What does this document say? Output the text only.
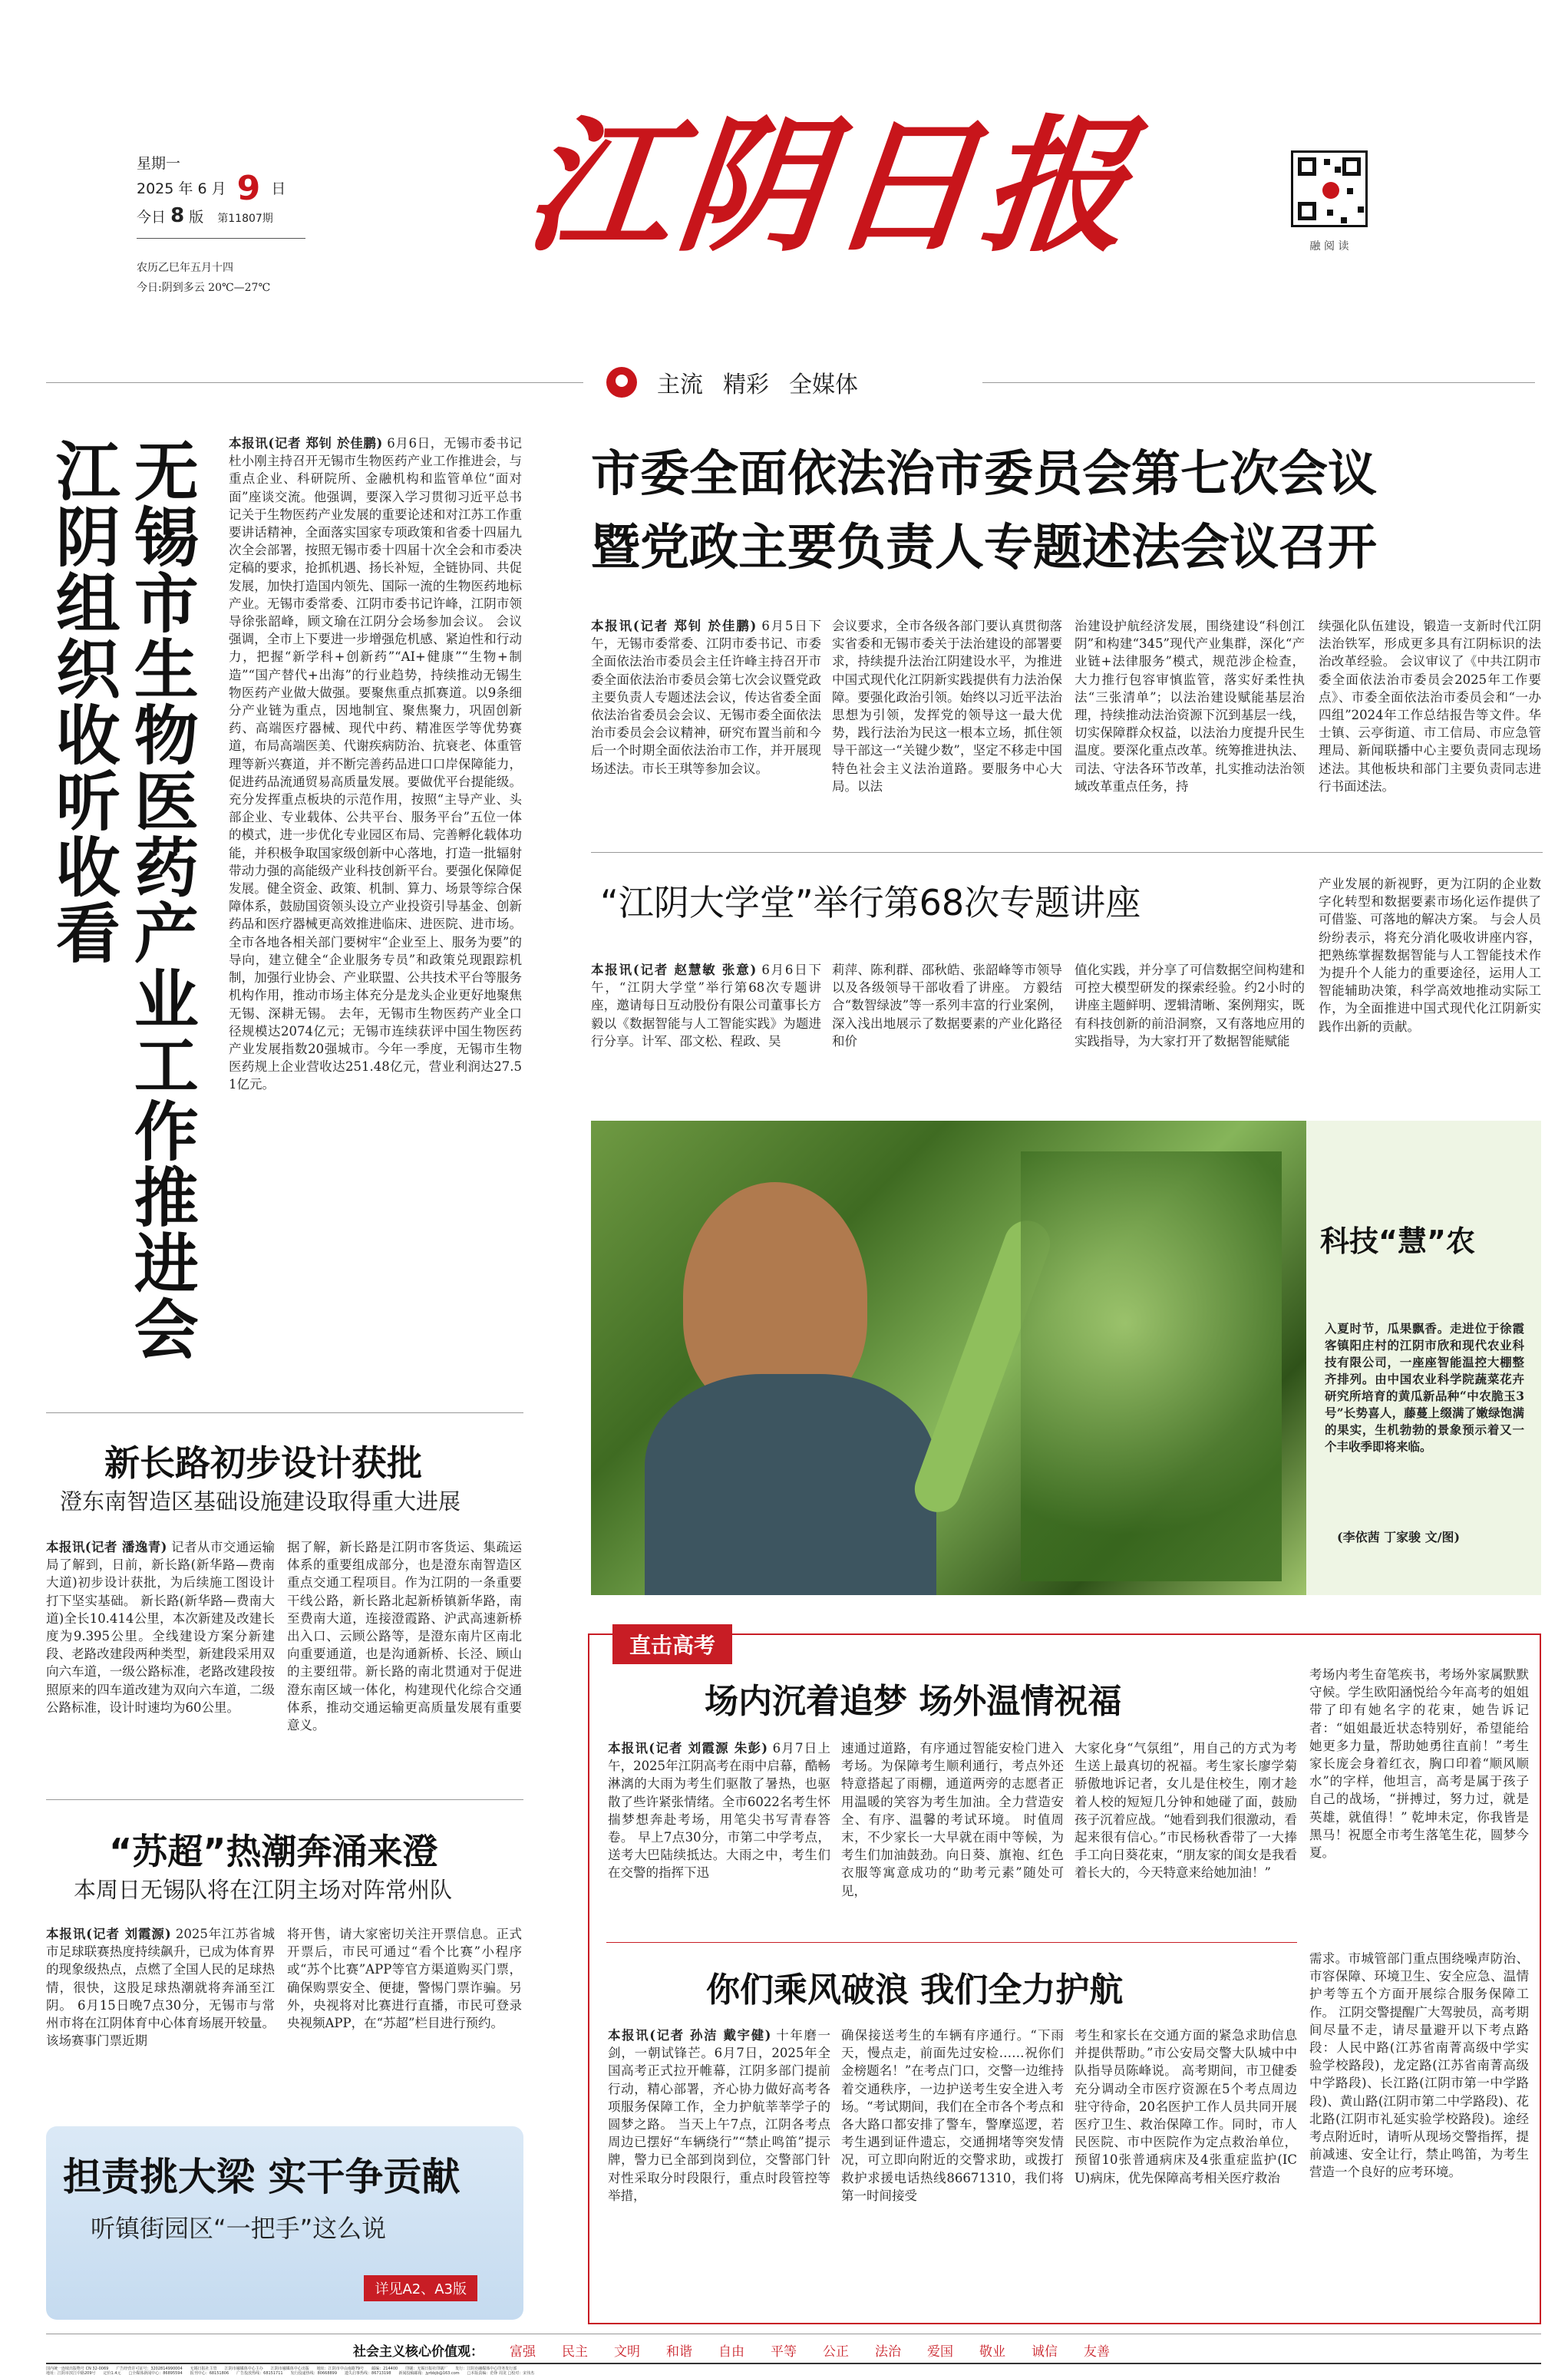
星期一
2025 年 6 月 9 日
今日 8 版 第11807期
农历乙巳年五月十四
今日:阴到多云 20℃—27℃
江阴日报	融 阅 读
主流 精彩 全媒体
无锡市生物医药产业工作推进会
江阴组织收听收看	本报讯(记者 郑钊 於佳鹏) 6月6日，无锡市委书记杜小刚主持召开无锡市生物医药产业工作推进会，与重点企业、科研院所、金融机构和监管单位“面对面”座谈交流。他强调，要深入学习贯彻习近平总书记关于生物医药产业发展的重要论述和对江苏工作重要讲话精神，全面落实国家专项政策和省委十四届九次全会部署，按照无锡市委十四届十次全会和市委决定稿的要求，抢抓机遇、扬长补短，全链协同、共促发展，加快打造国内领先、国际一流的生物医药地标产业。无锡市委常委、江阴市委书记许峰，江阴市领导徐张韶峰，顾文瑜在江阴分会场参加会议。 会议强调，全市上下要进一步增强危机感、紧迫性和行动力，把握“新学科+创新药”“AI+健康”“生物+制造”“国产替代+出海”的行业趋势，持续推动无锡生物医药产业做大做强。要聚焦重点抓赛道。以9条细分产业链为重点，因地制宜、聚焦聚力，巩固创新药、高端医疗器械、现代中药、精准医学等优势赛道，布局高端医美、代谢疾病防治、抗衰老、体重管理等新兴赛道，并不断完善药品进口口岸保障能力，促进药品流通贸易高质量发展。要做优平台提能级。充分发挥重点板块的示范作用，按照“主导产业、头部企业、专业载体、公共平台、服务平台”五位一体的模式，进一步优化专业园区布局、完善孵化载体功能，并积极争取国家级创新中心落地，打造一批辐射带动力强的高能级产业科技创新平台。要强化保障促发展。健全资金、政策、机制、算力、场景等综合保障体系，鼓励国资领头设立产业投资引导基金、创新药品和医疗器械更高效推进临床、进医院、进市场。全市各地各相关部门要树牢“企业至上、服务为要”的导向，建立健全“企业服务专员”和政策兑现跟踪机制，加强行业协会、产业联盟、公共技术平台等服务机构作用，推动市场主体充分是龙头企业更好地聚焦无锡、深耕无锡。 去年，无锡市生物医药产业全口径规模达2074亿元；无锡市连续获评中国生物医药产业发展指数20强城市。今年一季度，无锡市生物医药规上企业营收达251.48亿元，营业利润达27.51亿元。
市委全面依法治市委员会第七次会议
暨党政主要负责人专题述法会议召开
本报讯(记者 郑钊 於佳鹏) 6月5日下午，无锡市委常委、江阴市委书记、市委全面依法治市委员会主任许峰主持召开市委全面依法治市委员会第七次会议暨党政主要负责人专题述法会议，传达省委全面依法治省委员会会议、无锡市委全面依法治市委员会会议精神，研究布置当前和今后一个时期全面依法治市工作，并开展现场述法。市长王琪等参加会议。
会议要求，全市各级各部门要认真贯彻落实省委和无锡市委关于法治建设的部署要求，持续提升法治江阴建设水平，为推进中国式现代化江阴新实践提供有力法治保障。要强化政治引领。始终以习近平法治思想为引领，发挥党的领导这一最大优势，践行法治为民这一根本立场，抓住领导干部这一“关键少数”，坚定不移走中国特色社会主义法治道路。要服务中心大局。以法
治建设护航经济发展，围绕建设“科创江阴”和构建“345”现代产业集群，深化“产业链+法律服务”模式，规范涉企检查，大力推行包容审慎监管，落实好柔性执法“三张清单”；以法治建设赋能基层治理，持续推动法治资源下沉到基层一线，切实保障群众权益，以法治力度提升民生温度。要深化重点改革。统筹推进执法、司法、守法各环节改革，扎实推动法治领域改革重点任务，持
续强化队伍建设，锻造一支新时代江阴法治铁军，形成更多具有江阴标识的法治改革经验。 会议审议了《中共江阴市委全面依法治市委员会2025年工作要点》、市委全面依法治市委员会和“一办四组”2024年工作总结报告等文件。华士镇、云亭街道、市工信局、市应急管理局、新闻联播中心主要负责同志现场述法。其他板块和部门主要负责同志进行书面述法。
“江阴大学堂”举行第68次专题讲座
本报讯(记者 赵慧敏 张意) 6月6日下午，“江阴大学堂”举行第68次专题讲座，邀请每日互动股份有限公司董事长方毅以《数据智能与人工智能实践》为题进行分享。计军、邵文松、程政、吴
莉萍、陈利群、邵秋皓、张韶峰等市领导以及各级领导干部收看了讲座。 方毅结合“数智绿波”等一系列丰富的行业案例，深入浅出地展示了数据要素的产业化路径和价
值化实践，并分享了可信数据空间构建和可控大模型研发的探索经验。约2小时的讲座主题鲜明、逻辑清晰、案例翔实，既有科技创新的前沿洞察，又有落地应用的实践指导，为大家打开了数据智能赋能
产业发展的新视野，更为江阴的企业数字化转型和数据要素市场化运作提供了可借鉴、可落地的解决方案。 与会人员纷纷表示，将充分消化吸收讲座内容，把熟练掌握数据智能与人工智能技术作为提升个人能力的重要途径，运用人工智能辅助决策，科学高效地推动实际工作，为全面推进中国式现代化江阴新实践作出新的贡献。
科技“慧”农
入夏时节，瓜果飘香。走进位于徐霞客镇阳庄村的江阴市欣和现代农业科技有限公司，一座座智能温控大棚整齐排列。由中国农业科学院蔬菜花卉研究所培育的黄瓜新品种“中农脆玉3号”长势喜人，藤蔓上缀满了嫩绿饱满的果实，生机勃勃的景象预示着又一个丰收季即将来临。
(李依茜 丁家骏 文/图)
新长路初步设计获批
澄东南智造区基础设施建设取得重大进展
本报讯(记者 潘逸青) 记者从市交通运输局了解到，日前，新长路(新华路—费南大道)初步设计获批，为后续施工图设计打下坚实基础。 新长路(新华路—费南大道)全长10.414公里，本次新建及改建长度为9.395公里。全线建设方案分新建段、老路改建段两种类型，新建段采用双向六车道，一级公路标准，老路改建段按照原来的四车道改建为双向六车道，二级公路标准，设计时速均为60公里。
据了解，新长路是江阴市客货运、集疏运体系的重要组成部分，也是澄东南智造区重点交通工程项目。作为江阴的一条重要干线公路，新长路北起新桥镇新华路，南至费南大道，连接澄霞路、沪武高速新桥出入口、云顾公路等，是澄东南片区南北向重要通道，也是沟通新桥、长泾、顾山的主要纽带。新长路的南北贯通对于促进澄东南区域一体化，构建现代化综合交通体系，推动交通运输更高质量发展有重要意义。
“苏超”热潮奔涌来澄
本周日无锡队将在江阴主场对阵常州队
本报讯(记者 刘霞源) 2025年江苏省城市足球联赛热度持续飙升，已成为体育界的现象级热点，点燃了全国人民的足球热情，很快，这股足球热潮就将奔涌至江阴。 6月15日晚7点30分，无锡市与常州市将在江阴体育中心体育场展开较量。该场赛事门票近期
将开售，请大家密切关注开票信息。正式开票后，市民可通过“看个比赛”小程序或“苏个比赛”APP等官方渠道购买门票，确保购票安全、便捷，警惕门票诈骗。另外，央视将对比赛进行直播，市民可登录央视频APP，在“苏超”栏目进行预约。
担责挑大梁 实干争贡献
听镇街园区“一把手”这么说
详见A2、A3版
直击高考
场内沉着追梦 场外温情祝福
本报讯(记者 刘霞源 朱彭) 6月7日上午，2025年江阴高考在雨中启幕，酷畅淋漓的大雨为考生们驱散了暑热，也驱散了些许紧张情绪。全市6022名考生怀揣梦想奔赴考场，用笔尖书写青春答卷。 早上7点30分，市第二中学考点，送考大巴陆续抵达。大雨之中，考生们在交警的指挥下迅
速通过道路，有序通过智能安检门进入考场。为保障考生顺利通行，考点外还特意搭起了雨棚，通道两旁的志愿者正用温暖的笑容为考生加油。全力营造安全、有序、温馨的考试环境。 时值周末，不少家长一大早就在雨中等候，为考生们加油鼓劲。向日葵、旗袍、红色衣服等寓意成功的“助考元素”随处可见，
大家化身“气氛组”，用自己的方式为考生送上最真切的祝福。考生家长廖学菊骄傲地诉记者，女儿是住校生，刚才趁着人校的短短几分钟和她碰了面，鼓励孩子沉着应战。“她看到我们很激动，看起来很有信心。”市民杨秋香带了一大捧手工向日葵花束，“朋友家的闺女是我看着长大的，今天特意来给她加油！”
考场内考生奋笔疾书，考场外家属默默守候。学生欧阳涵悦给今年高考的姐姐带了印有她名字的花束，她告诉记者：“姐姐最近状态特别好，希望能给她更多力量，帮助她勇往直前！”考生家长庞会身着红衣，胸口印着“顺风顺水”的字样，他坦言，高考是属于孩子自己的战场，“拼搏过，努力过，就是英雄，就值得！” 乾坤未定，你我皆是黑马！祝愿全市考生落笔生花，圆梦今夏。
你们乘风破浪 我们全力护航
本报讯(记者 孙洁 戴宇健) 十年磨一剑，一朝试锋芒。6月7日，2025年全国高考正式拉开帷幕，江阴多部门提前行动，精心部署，齐心协力做好高考各项服务保障工作，全力护航莘莘学子的圆梦之路。 当天上午7点，江阴各考点周边已摆好“车辆绕行”“禁止鸣笛”提示牌，警力已全部到岗到位，交警部门针对性采取分时段限行，重点时段管控等举措，
确保接送考生的车辆有序通行。“下雨天，慢点走，前面先过安检……祝你们金榜题名！”在考点门口，交警一边维持着交通秩序，一边护送考生安全进入考场。“考试期间，我们在全市各个考点和各大路口都安排了警车，警摩巡逻，若考生遇到证件遗忘，交通拥堵等突发情况，可立即向附近的交警求助，或拨打救护求援电话热线86671310，我们将第一时间接受
考生和家长在交通方面的紧急求助信息并提供帮助。”市公安局交警大队城中中队指导员陈峰说。 高考期间，市卫健委充分调动全市医疗资源在5个考点周边驻守待命，20名医护工作人员共同开展医疗卫生、救治保障工作。同时，市人民医院、市中医院作为定点救治单位，预留10张普通病床及4张重症监护(ICU)病床，优先保障高考相关医疗救治
需求。市城管部门重点围绕噪声防治、市容保障、环境卫生、安全应急、温情护考等五个方面开展综合服务保障工作。 江阴交警提醒广大驾驶员，高考期间尽量不走，请尽量避开以下考点路段：人民中路(江苏省南菁高级中学实验学校路段)，龙定路(江苏省南菁高级中学路段)、长江路(江阴市第一中学路段)、黄山路(江阴市第二中学路段)、花北路(江阴市礼延实验学校路段)。途经考点附近时，请听从现场交警指挥，提前减速、安全让行，禁止鸣笛，为考生营造一个良好的应考环境。
社会主义核心价值观： 富强 民主 文明 和谐 自由 平等 公正 法治 爱国 敬业 诚信 友善
国内统一连续出版物号 CN 32-0069 广告经营许可证号：3202814990004 无锡日报社主管 江阴市融媒体中心主办 江阴市融媒体中心出版 地址：江阴市中山南路79号 邮编：214400 印刷：无锡日报社印刷厂 发行：江阴市融媒体中心印务发行部
地址：江阴市滨江中路209号 定价1.4元 □全媒体新闻中心：86895594 报刊中心：68151806 广告投放热线：68151711 发行投递热线：80668899 遗失启事热线：86713198 新闻投稿邮箱：jyrbbjb@163.com □本版责编：范铮 周龙 □校对：宋伟杰
